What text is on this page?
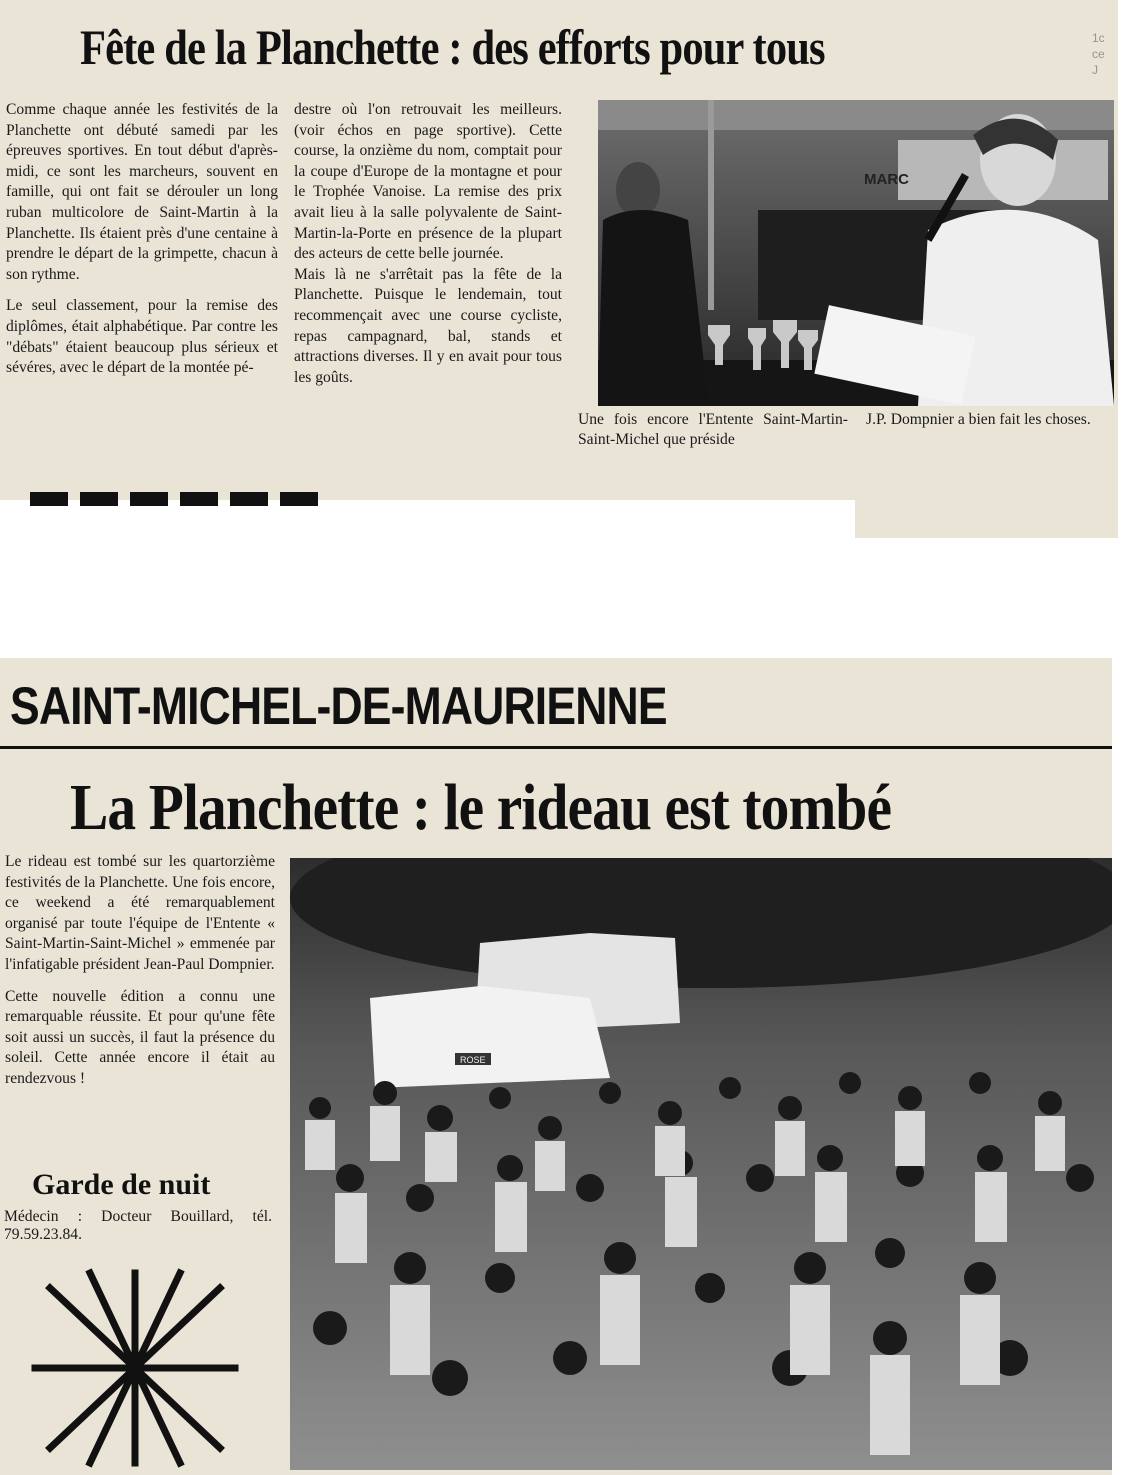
1c
ce
J
Fête de la Planchette : des efforts pour tous

Comme chaque année les festivités de la Planchette ont débuté samedi par les épreuves sportives. En tout début d'après-midi, ce sont les marcheurs, souvent en famille, qui ont fait se dérouler un long ruban multicolore de Saint-Martin à la Planchette. Ils étaient près d'une centaine à prendre le départ de la grimpette, chacun à son rythme.

Le seul classement, pour la remise des diplômes, était alphabétique. Par contre les "débats" étaient beaucoup plus sérieux et sévéres, avec le départ de la montée pé-

destre où l'on retrouvait les meilleurs. (voir échos en page sportive). Cette course, la onzième du nom, comptait pour la coupe d'Europe de la montagne et pour le Trophée Vanoise. La remise des prix avait lieu à la salle polyvalente de Saint-Martin-la-Porte en présence de la plupart des acteurs de cette belle journée.

Mais là ne s'arrêtait pas la fête de la Planchette. Puisque le lendemain, tout recommençait avec une course cycliste, repas campagnard, bal, stands et attractions diverses. Il y en avait pour tous les goûts.

MARC

Une fois encore l'Entente Saint-Martin-Saint-Michel que préside

J.P. Dompnier a bien fait les choses.

SAINT-MICHEL-DE-MAURIENNE
La Planchette : le rideau est tombé

Le rideau est tombé sur les quartorzième festivités de la Planchette. Une fois encore, ce weekend a été remarquablement organisé par toute l'équipe de l'Entente « Saint-Martin-Saint-Michel » emmenée par l'infatigable président Jean-Paul Dompnier.

Cette nouvelle édition a connu une remarquable réussite. Et pour qu'une fête soit aussi un succès, il faut la présence du soleil. Cette année encore il était au rendezvous !

Garde de nuit

Médecin : Docteur Bouillard, tél. 79.59.23.84.

ROSE
